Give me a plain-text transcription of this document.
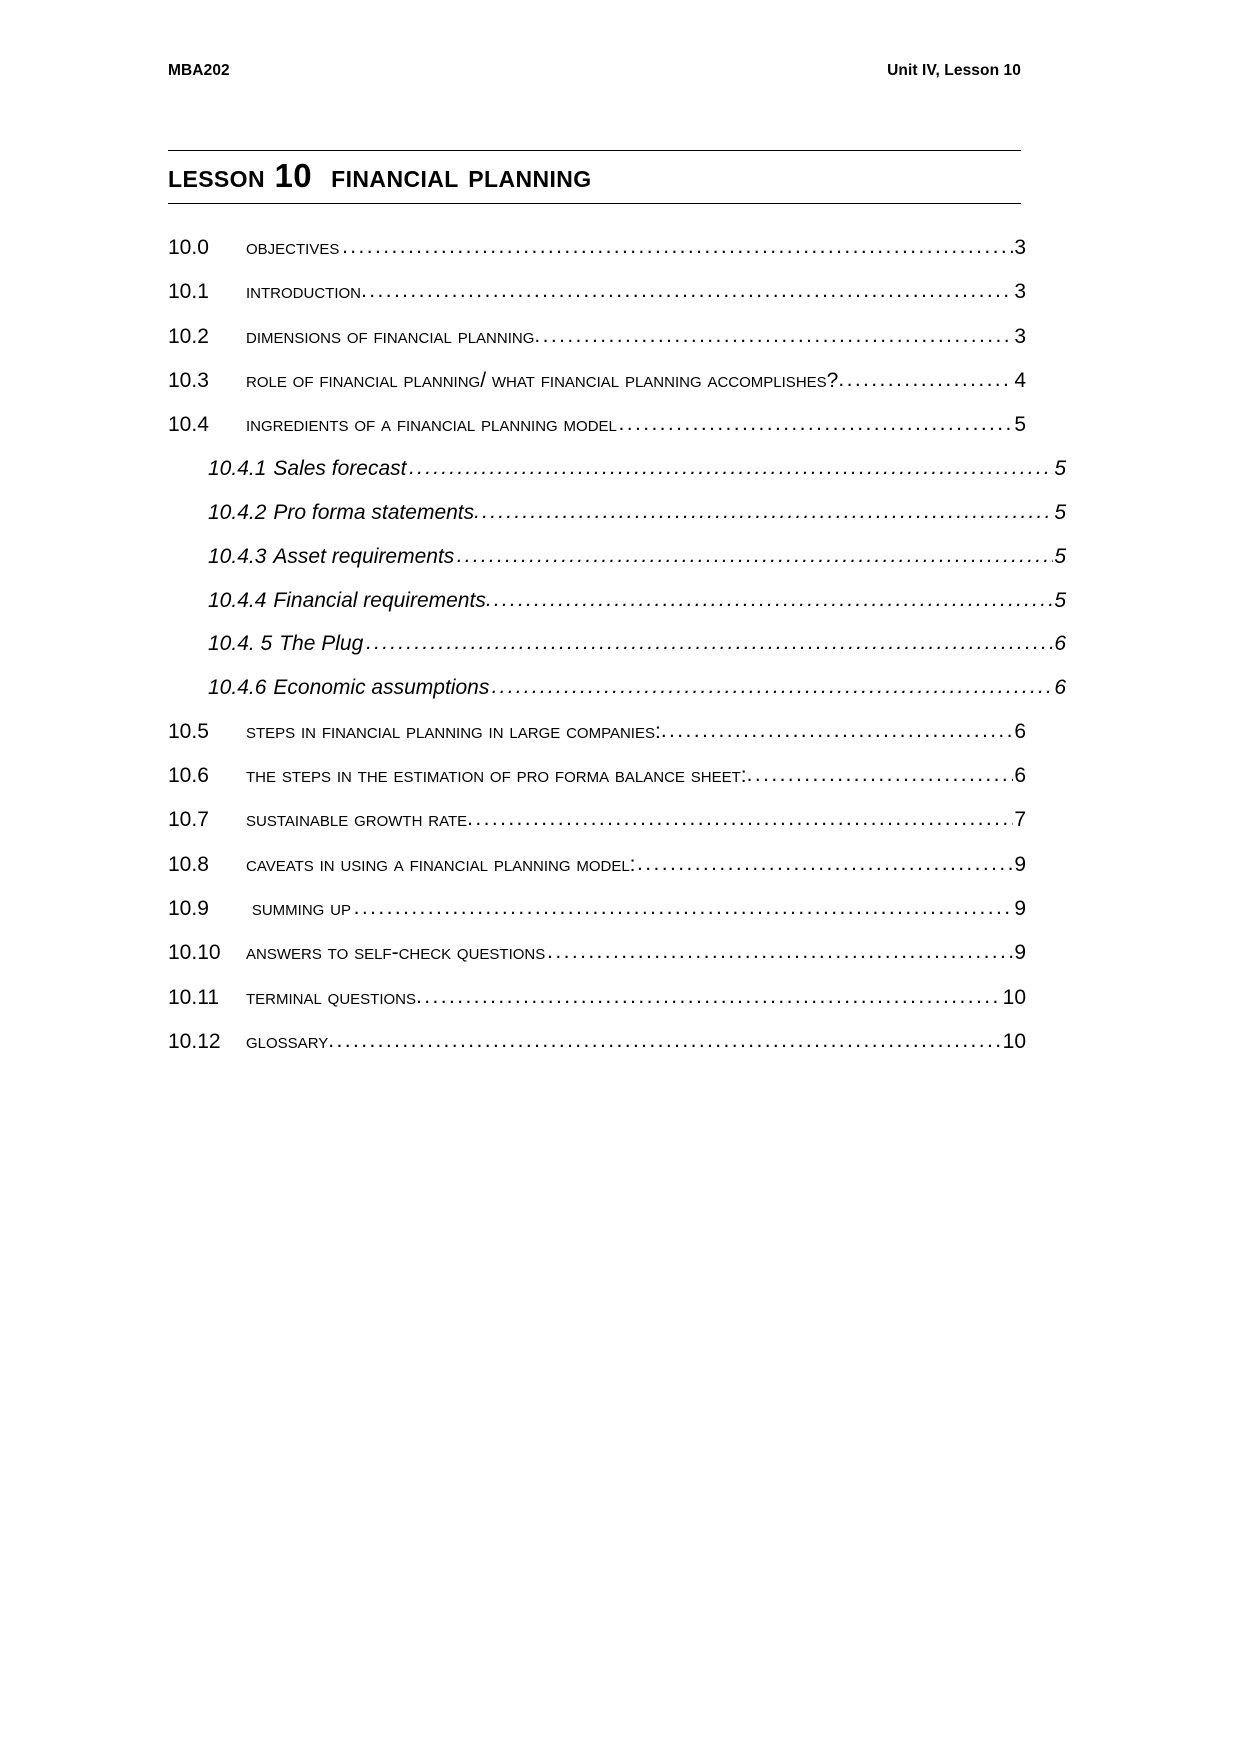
MBA202	Unit IV, Lesson 10
lesson 10  financial planning
10.0	objectives .....	3
10.1	introduction .....	3
10.2	dimensions of financial planning .....	3
10.3	role of financial planning/ what financial planning accomplishes? .....	4
10.4	ingredients of a financial planning model .....	5
10.4.1 Sales forecast .....	5
10.4.2 Pro forma statements .....	5
10.4.3 Asset requirements .....	5
10.4.4 Financial requirements .....	5
10.4. 5 The Plug .....	6
10.4.6 Economic assumptions .....	6
10.5	steps in financial planning in large companies: .....	6
10.6	the steps in the estimation of pro forma balance sheet: .....	6
10.7	sustainable growth rate .....	7
10.8	caveats in using a financial planning model: .....	9
10.9	summing up .....	9
10.10	answers to self-check questions .....	9
10.11	terminal questions .....	10
10.12	glossary .....	10
